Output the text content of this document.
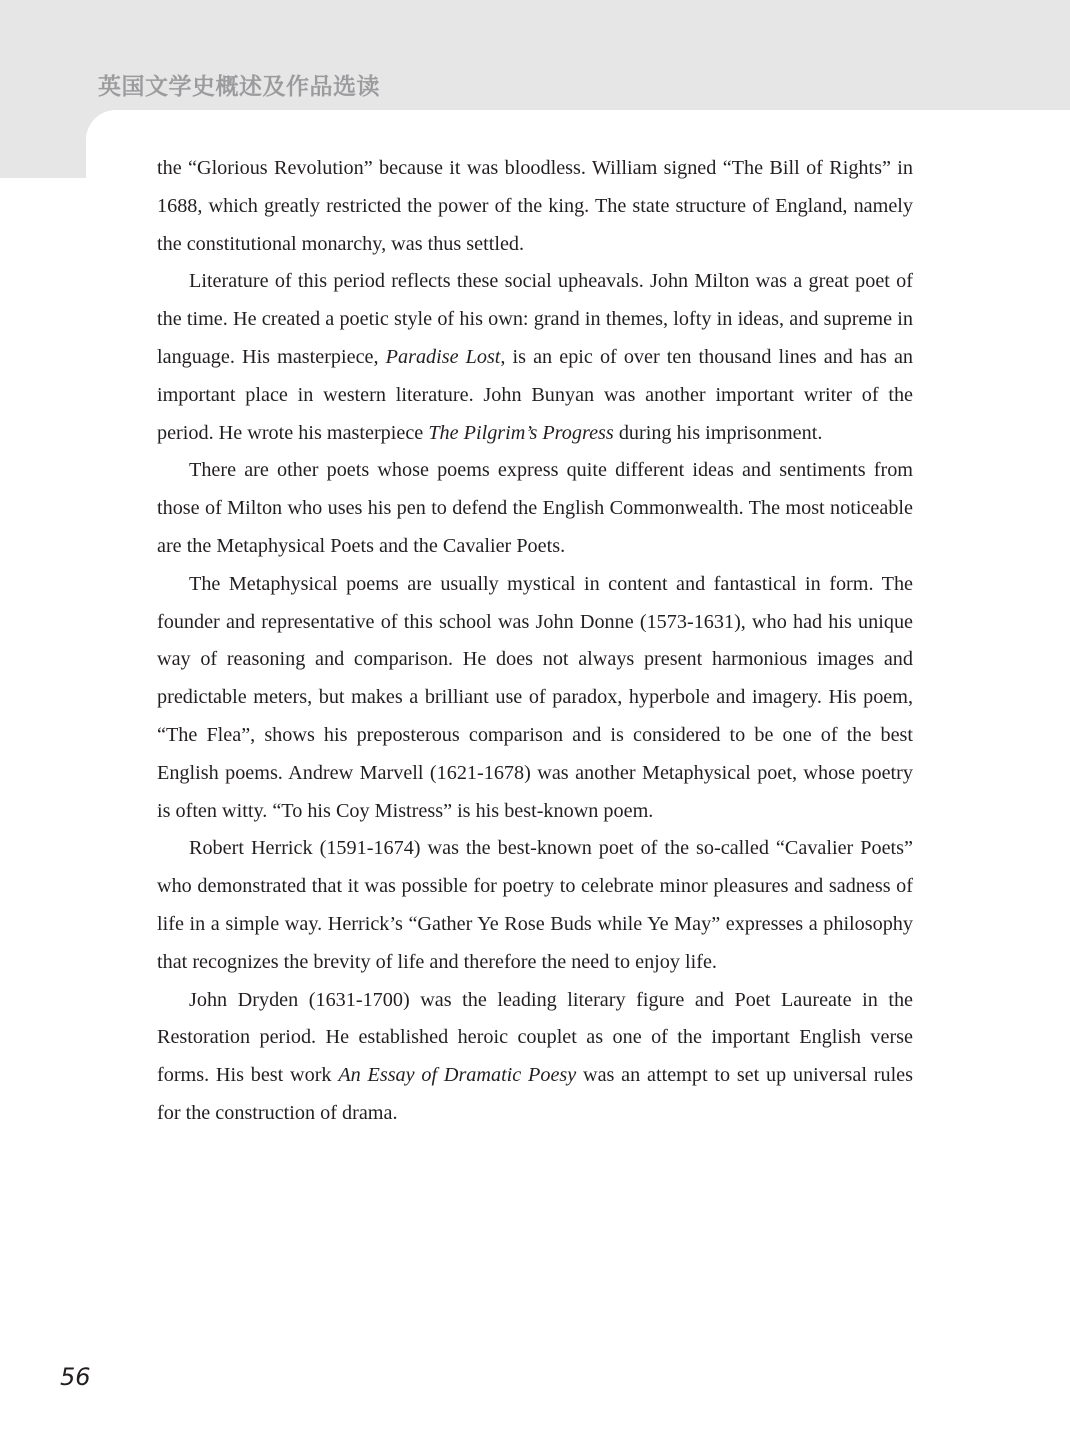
英国文学史概述及作品选读

the “Glorious Revolution” because it was bloodless. William signed “The Bill of Rights” in 1688, which greatly restricted the power of the king. The state structure of England, namely the constitutional monarchy, was thus settled.

Literature of this period reflects these social upheavals. John Milton was a great poet of the time. He created a poetic style of his own: grand in themes, lofty in ideas, and supreme in language. His masterpiece, Paradise Lost, is an epic of over ten thousand lines and has an important place in western literature. John Bunyan was another important writer of the period. He wrote his masterpiece The Pilgrim’s Progress during his imprisonment.

There are other poets whose poems express quite different ideas and sentiments from those of Milton who uses his pen to defend the English Commonwealth. The most noticeable are the Metaphysical Poets and the Cavalier Poets.

The Metaphysical poems are usually mystical in content and fantastical in form. The founder and representative of this school was John Donne (1573-1631), who had his unique way of reasoning and comparison. He does not always present harmonious images and predictable meters, but makes a brilliant use of paradox, hyperbole and imagery. His poem, “The Flea”, shows his preposterous comparison and is considered to be one of the best English poems. Andrew Marvell (1621-1678) was another Metaphysical poet, whose poetry is often witty. “To his Coy Mistress” is his best-known poem.

Robert Herrick (1591-1674) was the best-known poet of the so-called “Cavalier Poets” who demonstrated that it was possible for poetry to celebrate minor pleasures and sadness of life in a simple way. Herrick’s “Gather Ye Rose Buds while Ye May” expresses a philosophy that recognizes the brevity of life and therefore the need to enjoy life.

John Dryden (1631-1700) was the leading literary figure and Poet Laureate in the Restoration period. He established heroic couplet as one of the important English verse forms. His best work An Essay of Dramatic Poesy was an attempt to set up universal rules for the construction of drama.

56
